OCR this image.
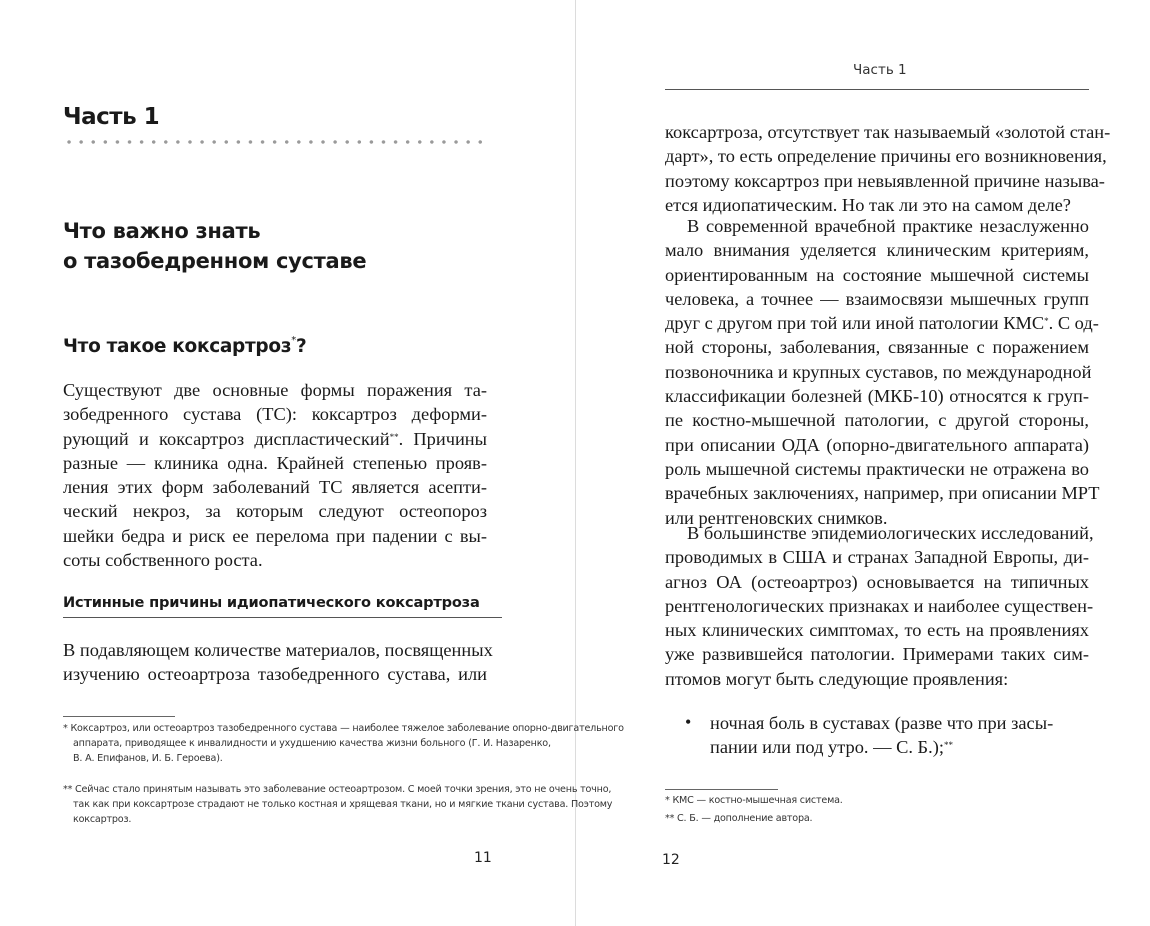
Часть 1
Что важно знать
о тазобедренном суставе
Что такое коксартроз*?
Существуют две основные формы поражения та-
зобедренного сустава (ТС): коксартроз деформи-
рующий и коксартроз диспластический**. Причины
разные — клиника одна. Крайней степенью прояв-
ления этих форм заболеваний ТС является асепти-
ческий некроз, за которым следуют остеопороз
шейки бедра и риск ее перелома при падении с вы-
соты собственного роста.
Истинные причины идиопатического коксартроза
В подавляющем количестве материалов, посвященных
изучению остеоартроза тазобедренного сустава, или
* Коксартроз, или остеоартроз тазобедренного сустава — наиболее тяжелое заболевание опорно-двигательного
аппарата, приводящее к инвалидности и ухудшению качества жизни больного (Г. И. Назаренко,
В. А. Епифанов, И. Б. Героева).
** Сейчас стало принятым называть это заболевание остеоартрозом. С моей точки зрения, это не очень точно,
так как при коксартрозе страдают не только костная и хрящевая ткани, но и мягкие ткани сустава. Поэтому
коксартроз.
11
Часть 1
коксартроза, отсутствует так называемый «золотой стан-
дарт», то есть определение причины его возникновения,
поэтому коксартроз при невыявленной причине называ-
ется идиопатическим. Но так ли это на самом деле?
В современной врачебной практике незаслуженно
мало внимания уделяется клиническим критериям,
ориентированным на состояние мышечной системы
человека, а точнее — взаимосвязи мышечных групп
друг с другом при той или иной патологии КМС*. С од-
ной стороны, заболевания, связанные с поражением
позвоночника и крупных суставов, по международной
классификации болезней (МКБ-10) относятся к груп-
пе костно-мышечной патологии, с другой стороны,
при описании ОДА (опорно-двигательного аппарата)
роль мышечной системы практически не отражена во
врачебных заключениях, например, при описании МРТ
или рентгеновских снимков.
В большинстве эпидемиологических исследований,
проводимых в США и странах Западной Европы, ди-
агноз ОА (остеоартроз) основывается на типичных
рентгенологических признаках и наиболее существен-
ных клинических симптомах, то есть на проявлениях
уже развившейся патологии. Примерами таких сим-
птомов могут быть следующие проявления:
• ночная боль в суставах (разве что при засы-
пании или под утро. — С. Б.);**
* КМС — костно-мышечная система.
** С. Б. — дополнение автора.
12
